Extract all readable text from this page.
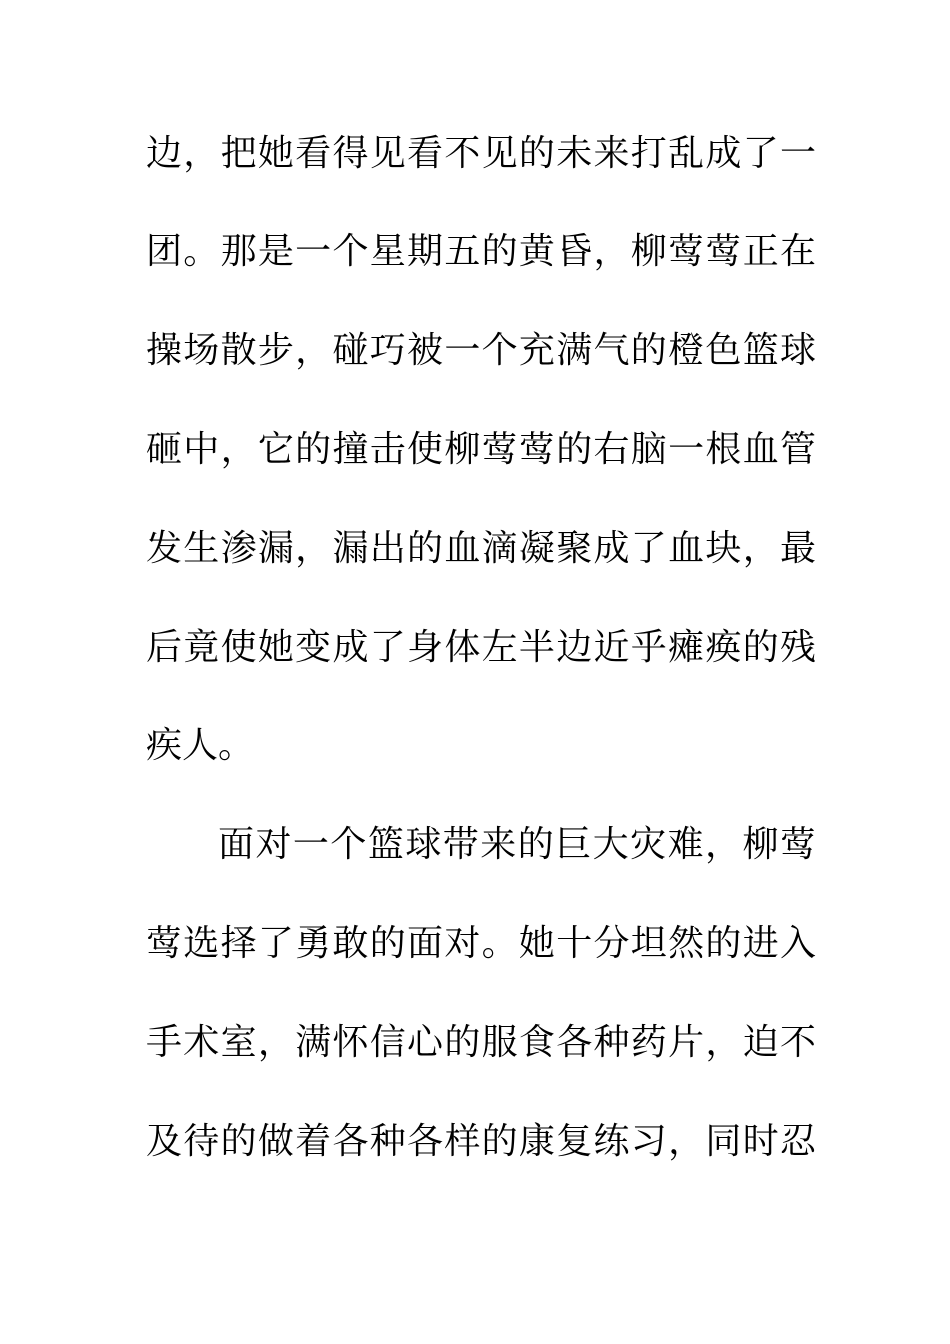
边，把她看得见看不见的未来打乱成了一
团。那是一个星期五的黄昏，柳莺莺正在
操场散步，碰巧被一个充满气的橙色篮球
砸中，它的撞击使柳莺莺的右脑一根血管
发生渗漏，漏出的血滴凝聚成了血块，最
后竟使她变成了身体左半边近乎瘫痪的残
疾人。
面对一个篮球带来的巨大灾难，柳莺
莺选择了勇敢的面对。她十分坦然的进入
手术室，满怀信心的服食各种药片，迫不
及待的做着各种各样的康复练习，同时忍
